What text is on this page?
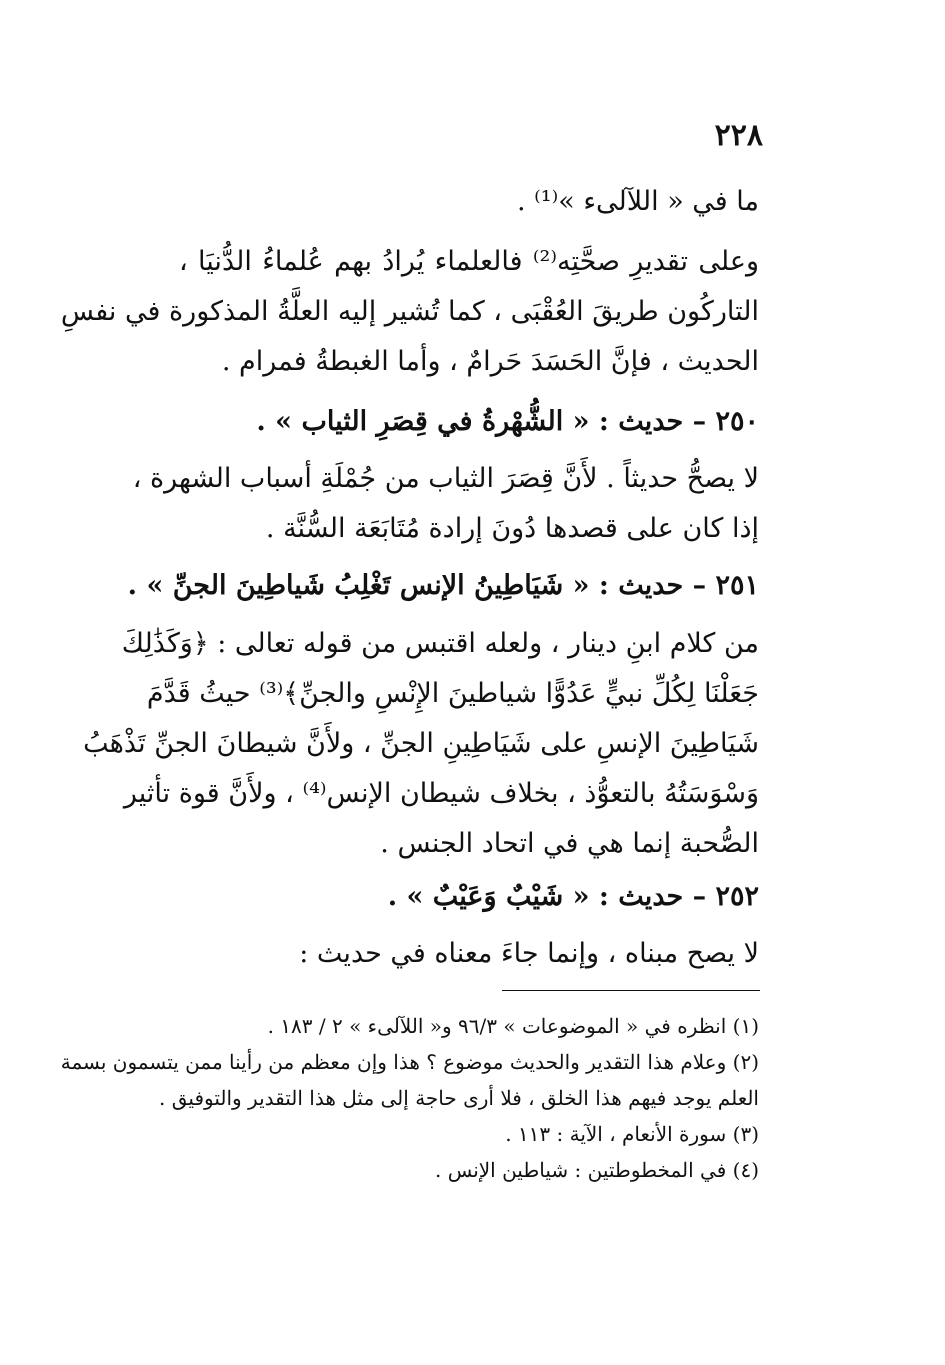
٢٢٨
ما في « اللآلىء »⁽¹⁾ .
وعلى تقديرِ صحَّتِه⁽²⁾ فالعلماء يُرادُ بهم عُلماءُ الدُّنيَا ،
التاركُون طريقَ العُقْبَى ، كما تُشير إليه العلَّةُ المذكورة في نفسِ
الحديث ، فإنَّ الحَسَدَ حَرامٌ ، وأما الغبطةُ فمرام .
٢٥٠ – حديث : « الشُّهْرةُ في قِصَرِ الثياب » .
لا يصحُّ حديثاً . لأَنَّ قِصَرَ الثياب من جُمْلَةِ أسباب الشهرة ،
إذا كان على قصدها دُونَ إرادة مُتَابَعَة السُّنَّة .
٢٥١ – حديث : « شَيَاطِينُ الإنس تَغْلِبُ شَياطِينَ الجنِّ » .
من كلام ابنِ دينار ، ولعله اقتبس من قوله تعالى : ﴿وَكَذَٰلِكَ
جَعَلْنَا لِكُلِّ نبيٍّ عَدُوًّا شياطينَ الإِنْسِ والجنِّ﴾⁽³⁾ حيثُ قَدَّمَ
شَيَاطِينَ الإنسِ على شَيَاطِينِ الجنِّ ، ولأَنَّ شيطانَ الجنِّ تَذْهَبُ
وَسْوَسَتُهُ بالتعوُّذ ، بخلاف شيطان الإنس⁽⁴⁾ ، ولأَنَّ قوة تأثير
الصُّحبة إنما هي في اتحاد الجنس .
٢٥٢ – حديث : « شَيْبٌ وَعَيْبٌ » .
لا يصح مبناه ، وإنما جاءَ معناه في حديث :
(١) انظره في « الموضوعات » ٩٦/٣ و« اللآلىء » ٢ / ١٨٣ .
(٢) وعلام هذا التقدير والحديث موضوع ؟ هذا وإن معظم من رأينا ممن يتسمون بسمة
العلم يوجد فيهم هذا الخلق ، فلا أرى حاجة إلى مثل هذا التقدير والتوفيق .
(٣) سورة الأنعام ، الآية : ١١٣ .
(٤) في المخطوطتين : شياطين الإنس .
